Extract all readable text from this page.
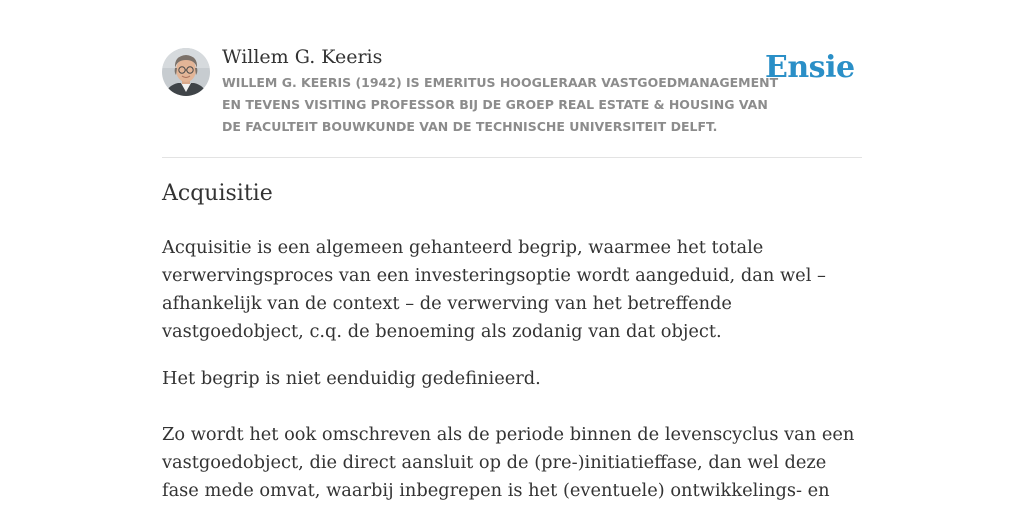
Willem G. Keeris
WILLEM G. KEERIS (1942) IS EMERITUS HOOGLERAAR VASTGOEDMANAGEMENT EN TEVENS VISITING PROFESSOR BIJ DE GROEP REAL ESTATE & HOUSING VAN DE FACULTEIT BOUWKUNDE VAN DE TECHNISCHE UNIVERSITEIT DELFT.
Ensie
Acquisitie

Acquisitie is een algemeen gehanteerd begrip, waarmee het totale verwervingsproces van een investeringsoptie wordt aangeduid, dan wel – afhankelijk van de context – de verwerving van het betreffende vastgoedobject, c.q. de benoeming als zodanig van dat object.

Het begrip is niet eenduidig gedefinieerd.

Zo wordt het ook omschreven als de periode binnen de levenscyclus van een vastgoedobject, die direct aansluit op de (pre-)initiatieffase, dan wel deze fase mede omvat, waarbij inbegrepen is het (eventuele) ontwikkelings- en
